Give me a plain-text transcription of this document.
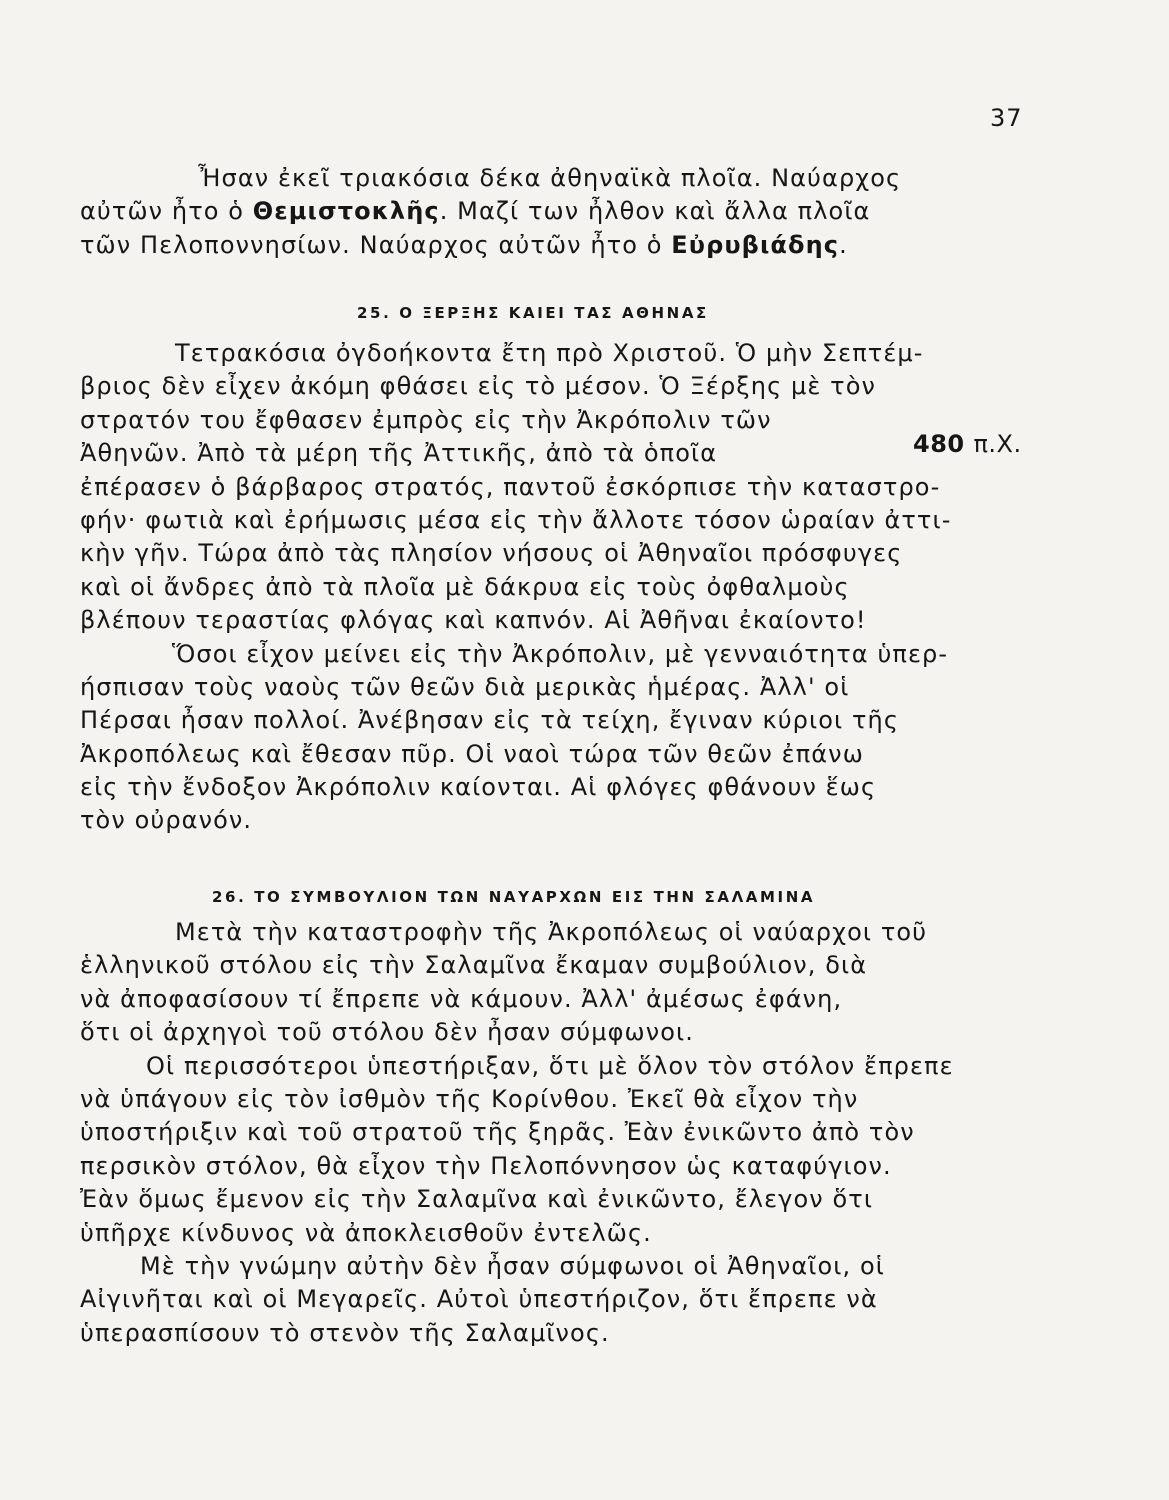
37
Ἦσαν ἐκεῖ τριακόσια δέκα ἀθηναϊκὰ πλοῖα. Ναύαρχος
αὐτῶν ἦτο ὁ Θεμιστοκλῆς. Μαζί των ἦλθον καὶ ἄλλα πλοῖα
τῶν Πελοποννησίων. Ναύαρχος αὐτῶν ἦτο ὁ Εὐρυβιάδης.
25. Ο ΞΕΡΞΗΣ ΚΑΙΕΙ ΤΑΣ ΑΘΗΝΑΣ
480 π.Χ.
Τετρακόσια ὀγδοήκοντα ἔτη πρὸ Χριστοῦ. Ὁ μὴν Σεπτέμ-
βριος δὲν εἶχεν ἀκόμη φθάσει εἰς τὸ μέσον. Ὁ Ξέρξης μὲ τὸν
στρατόν του ἔφθασεν ἐμπρὸς εἰς τὴν Ἀκρόπολιν τῶν
Ἀθηνῶν. Ἀπὸ τὰ μέρη τῆς Ἀττικῆς, ἀπὸ τὰ ὁποῖα
ἐπέρασεν ὁ βάρβαρος στρατός, παντοῦ ἐσκόρπισε τὴν καταστρο-
φήν· φωτιὰ καὶ ἐρήμωσις μέσα εἰς τὴν ἄλλοτε τόσον ὡραίαν ἀττι-
κὴν γῆν. Τώρα ἀπὸ τὰς πλησίον νήσους οἱ Ἀθηναῖοι πρόσφυγες
καὶ οἱ ἄνδρες ἀπὸ τὰ πλοῖα μὲ δάκρυα εἰς τοὺς ὀφθαλμοὺς
βλέπουν τεραστίας φλόγας καὶ καπνόν. Αἱ Ἀθῆναι ἐκαίοντο!
Ὅσοι εἶχον μείνει εἰς τὴν Ἀκρόπολιν, μὲ γενναιότητα ὑπερ-
ήσπισαν τοὺς ναοὺς τῶν θεῶν διὰ μερικὰς ἡμέρας. Ἀλλ' οἱ
Πέρσαι ἦσαν πολλοί. Ἀνέβησαν εἰς τὰ τείχη, ἔγιναν κύριοι τῆς
Ἀκροπόλεως καὶ ἔθεσαν πῦρ. Οἱ ναοὶ τώρα τῶν θεῶν ἐπάνω
εἰς τὴν ἔνδοξον Ἀκρόπολιν καίονται. Αἱ φλόγες φθάνουν ἕως
τὸν οὐρανόν.
26. ΤΟ ΣΥΜΒΟΥΛΙΟΝ ΤΩΝ ΝΑΥΑΡΧΩΝ ΕΙΣ ΤΗΝ ΣΑΛΑΜΙΝΑ
Μετὰ τὴν καταστροφὴν τῆς Ἀκροπόλεως οἱ ναύαρχοι τοῦ
ἑλληνικοῦ στόλου εἰς τὴν Σαλαμῖνα ἔκαμαν συμβούλιον, διὰ
νὰ ἀποφασίσουν τί ἔπρεπε νὰ κάμουν. Ἀλλ' ἀμέσως ἐφάνη,
ὅτι οἱ ἀρχηγοὶ τοῦ στόλου δὲν ἦσαν σύμφωνοι.
Οἱ περισσότεροι ὑπεστήριξαν, ὅτι μὲ ὅλον τὸν στόλον ἔπρεπε
νὰ ὑπάγουν εἰς τὸν ἰσθμὸν τῆς Κορίνθου. Ἐκεῖ θὰ εἶχον τὴν
ὑποστήριξιν καὶ τοῦ στρατοῦ τῆς ξηρᾶς. Ἐὰν ἐνικῶντο ἀπὸ τὸν
περσικὸν στόλον, θὰ εἶχον τὴν Πελοπόννησον ὡς καταφύγιον.
Ἐὰν ὅμως ἔμενον εἰς τὴν Σαλαμῖνα καὶ ἐνικῶντο, ἔλεγον ὅτι
ὑπῆρχε κίνδυνος νὰ ἀποκλεισθοῦν ἐντελῶς.
Μὲ τὴν γνώμην αὐτὴν δὲν ἦσαν σύμφωνοι οἱ Ἀθηναῖοι, οἱ
Αἰγινῆται καὶ οἱ Μεγαρεῖς. Αὐτοὶ ὑπεστήριζον, ὅτι ἔπρεπε νὰ
ὑπερασπίσουν τὸ στενὸν τῆς Σαλαμῖνος.
